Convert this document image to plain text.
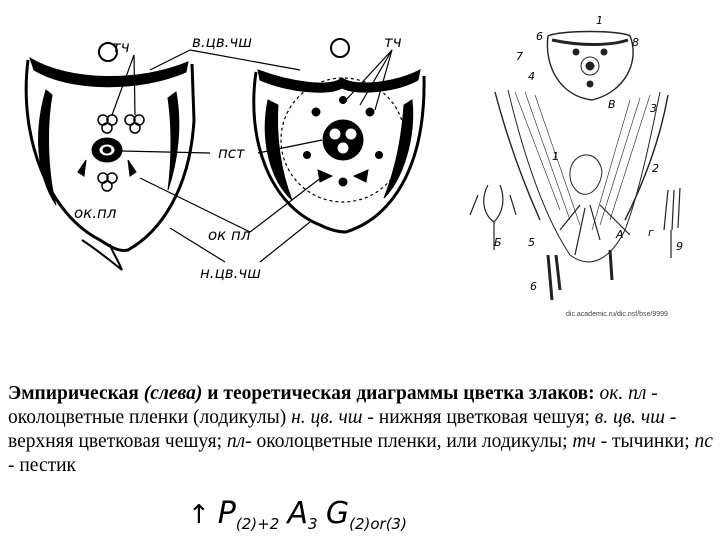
тч	в.цв.чш	тч
пст
ок.пл
ок пл
н.цв.чш
1
6	8
7
4
3
1
2
В
Б
А
5
г
9
6
dic.academic.ru/dic.nsf/bse/9999

Эмпирическая (слева) и теоретическая диаграммы цветка злаков: ок. пл - околоцветные пленки (лодикулы) н. цв. чш - нижняя цветковая чешуя; в. цв. чш - верхняя цветковая чешуя; пл- околоцветные пленки, или лодикулы; тч - тычинки; пс - пестик

↑ $P_{(2)+2}$ $A_3$ $G_{(2)or(3)}$
